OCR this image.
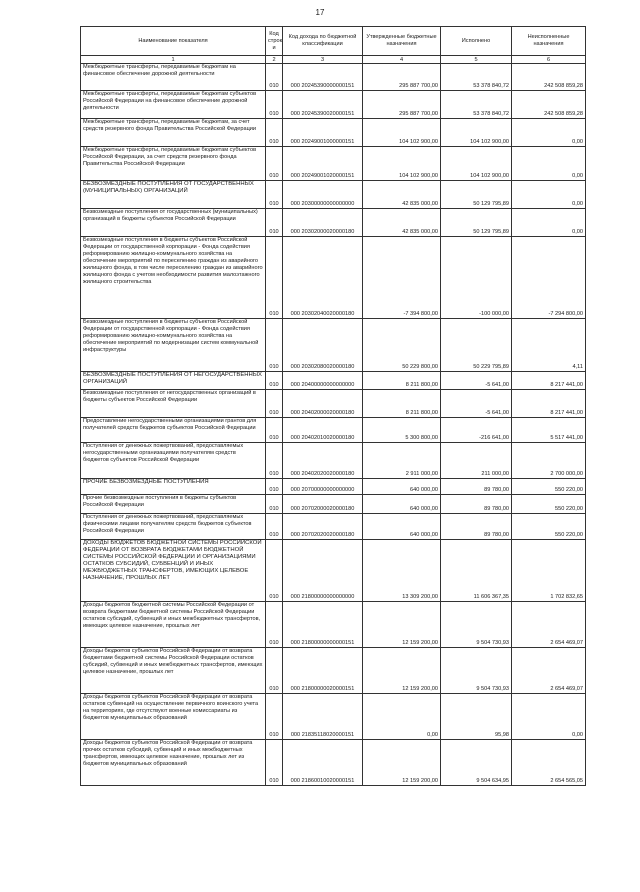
17
Наименование показателя	Код строк и	Код дохода по бюджетной классификации	Утвержденные бюджетные назначения	Исполнено	Неисполненные назначения
1	2	3	4	5	6
Межбюджетные трансферты, передаваемые бюджетам на финансовое обеспечение дорожной деятельности	010	000 20245390000000151	295 887 700,00	53 378 840,72	242 508 859,28
Межбюджетные трансферты, передаваемые бюджетам субъектов Российской Федерации на финансовое обеспечение дорожной деятельности	010	000 20245390020000151	295 887 700,00	53 378 840,72	242 508 859,28
Межбюджетные трансферты, передаваемые бюджетам, за счет средств резервного фонда Правительства Российской Федерации	010	000 20249001000000151	104 102 900,00	104 102 900,00	0,00
Межбюджетные трансферты, передаваемые бюджетам субъектов Российской Федерации, за счет средств резервного фонда Правительства Российской Федерации	010	000 20249001020000151	104 102 900,00	104 102 900,00	0,00
БЕЗВОЗМЕЗДНЫЕ ПОСТУПЛЕНИЯ ОТ ГОСУДАРСТВЕННЫХ (МУНИЦИПАЛЬНЫХ) ОРГАНИЗАЦИЙ	010	000 20300000000000000	42 835 000,00	50 129 795,89	0,00
Безвозмездные поступления от государственных (муниципальных) организаций в бюджеты субъектов Российской Федерации	010	000 20302000020000180	42 835 000,00	50 129 795,89	0,00
Безвозмездные поступления в бюджеты субъектов Российской Федерации от государственной корпорации - Фонда содействия реформированию жилищно-коммунального хозяйства на обеспечение мероприятий по переселению граждан из аварийного жилищного фонда, в том числе переселению граждан из аварийного жилищного фонда с учетом необходимости развития малоэтажного жилищного строительства	010	000 20302040020000180	-7 394 800,00	-100 000,00	-7 294 800,00
Безвозмездные поступления в бюджеты субъектов Российской Федерации от государственной корпорации - Фонда содействия реформированию жилищно-коммунального хозяйства на обеспечение мероприятий по модернизации систем коммунальной инфраструктуры	010	000 20302080020000180	50 229 800,00	50 229 795,89	4,11
БЕЗВОЗМЕЗДНЫЕ ПОСТУПЛЕНИЯ ОТ НЕГОСУДАРСТВЕННЫХ ОРГАНИЗАЦИЙ	010	000 20400000000000000	8 211 800,00	-5 641,00	8 217 441,00
Безвозмездные поступления от негосударственных организаций в бюджеты субъектов Российской Федерации	010	000 20402000020000180	8 211 800,00	-5 641,00	8 217 441,00
Предоставление негосударственными организациями грантов для получателей средств бюджетов субъектов Российской Федерации	010	000 20402010020000180	5 300 800,00	-216 641,00	5 517 441,00
Поступления от денежных пожертвований, предоставляемых негосударственными организациями получателям средств бюджетов субъектов Российской Федерации	010	000 20402020020000180	2 911 000,00	211 000,00	2 700 000,00
ПРОЧИЕ БЕЗВОЗМЕЗДНЫЕ ПОСТУПЛЕНИЯ	010	000 20700000000000000	640 000,00	89 780,00	550 220,00
Прочие безвозмездные поступления в бюджеты субъектов Российской Федерации	010	000 20702000020000180	640 000,00	89 780,00	550 220,00
Поступления от денежных пожертвований, предоставляемых физическими лицами получателям средств бюджетов субъектов Российской Федерации	010	000 20702020020000180	640 000,00	89 780,00	550 220,00
ДОХОДЫ БЮДЖЕТОВ БЮДЖЕТНОЙ СИСТЕМЫ РОССИЙСКОЙ ФЕДЕРАЦИИ ОТ ВОЗВРАТА БЮДЖЕТАМИ БЮДЖЕТНОЙ СИСТЕМЫ РОССИЙСКОЙ ФЕДЕРАЦИИ И ОРГАНИЗАЦИЯМИ ОСТАТКОВ СУБСИДИЙ, СУБВЕНЦИЙ И ИНЫХ МЕЖБЮДЖЕТНЫХ ТРАНСФЕРТОВ, ИМЕЮЩИХ ЦЕЛЕВОЕ НАЗНАЧЕНИЕ, ПРОШЛЫХ ЛЕТ	010	000 21800000000000000	13 309 200,00	11 606 367,35	1 702 832,65
Доходы бюджетов бюджетной системы Российской Федерации от возврата бюджетами бюджетной системы Российской Федерации остатков субсидий, субвенций и иных межбюджетных трансфертов, имеющих целевое назначение, прошлых лет	010	000 21800000000000151	12 159 200,00	9 504 730,93	2 654 469,07
Доходы бюджетов субъектов Российской Федерации от возврата бюджетами бюджетной системы Российской Федерации остатков субсидий, субвенций и иных межбюджетных трансфертов, имеющих целевое назначение, прошлых лет	010	000 21800000020000151	12 159 200,00	9 504 730,93	2 654 469,07
Доходы бюджетов субъектов Российской Федерации от возврата остатков субвенций на осуществление первичного воинского учета на территориях, где отсутствуют военные комиссариаты из бюджетов муниципальных образований	010	000 21835118020000151	0,00	95,98	0,00
Доходы бюджетов субъектов Российской Федерации от возврата прочих остатков субсидий, субвенций и иных межбюджетных трансфертов, имеющих целевое назначение, прошлых лет из бюджетов муниципальных образований	010	000 21860010020000151	12 159 200,00	9 504 634,95	2 654 565,05
